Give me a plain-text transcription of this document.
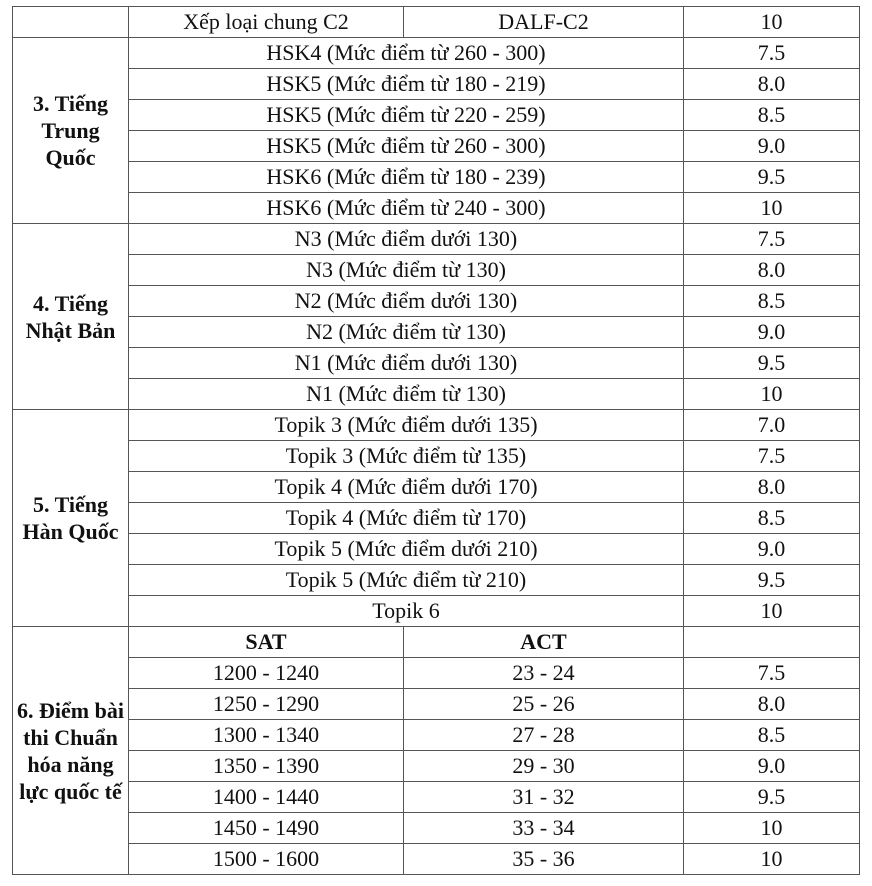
	Xếp loại chung C2	DALF-C2	10
3. Tiếng Trung Quốc	HSK4 (Mức điểm từ 260 - 300)		7.5
	HSK5 (Mức điểm từ 180 - 219)		8.0
	HSK5 (Mức điểm từ 220 - 259)		8.5
	HSK5 (Mức điểm từ 260 - 300)		9.0
	HSK6 (Mức điểm từ 180 - 239)		9.5
	HSK6 (Mức điểm từ 240 - 300)		10
4. Tiếng Nhật Bản	N3 (Mức điểm dưới 130)		7.5
	N3 (Mức điểm từ 130)		8.0
	N2 (Mức điểm dưới 130)		8.5
	N2 (Mức điểm từ 130)		9.0
	N1 (Mức điểm dưới 130)		9.5
	N1 (Mức điểm từ 130)		10
5. Tiếng Hàn Quốc	Topik 3 (Mức điểm dưới 135)		7.0
	Topik 3 (Mức điểm từ 135)		7.5
	Topik 4 (Mức điểm dưới 170)		8.0
	Topik 4 (Mức điểm từ 170)		8.5
	Topik 5 (Mức điểm dưới 210)		9.0
	Topik 5 (Mức điểm từ 210)		9.5
	Topik 6		10
6. Điểm bài thi Chuẩn hóa năng lực quốc tế	SAT	ACT	
	1200 - 1240	23 - 24	7.5
	1250 - 1290	25 - 26	8.0
	1300 - 1340	27 - 28	8.5
	1350 - 1390	29 - 30	9.0
	1400 - 1440	31 - 32	9.5
	1450 - 1490	33 - 34	10
	1500 - 1600	35 - 36	10
